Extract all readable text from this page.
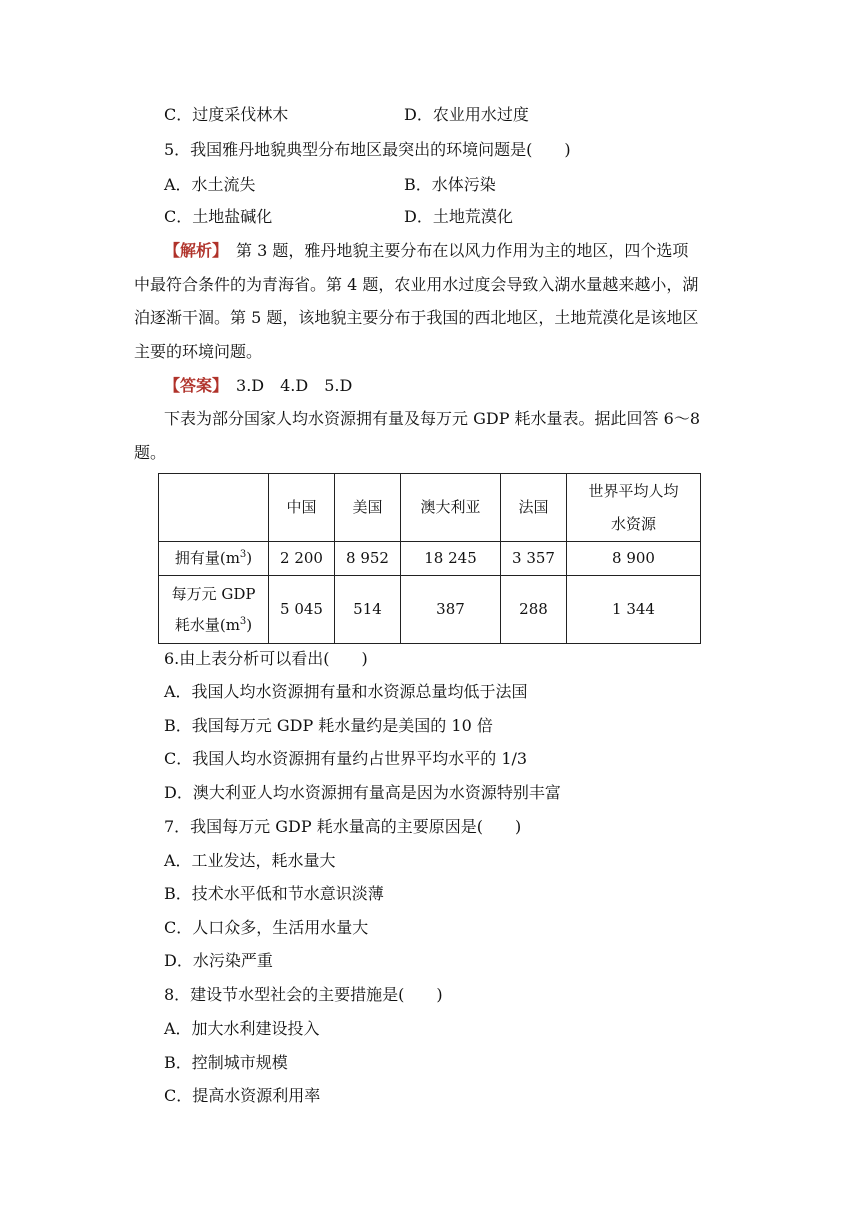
C．过度采伐林木	D．农业用水过度
5．我国雅丹地貌典型分布地区最突出的环境问题是(　　)
A．水土流失	B．水体污染
C．土地盐碱化	D．土地荒漠化
【解析】　第 3 题，雅丹地貌主要分布在以风力作用为主的地区，四个选项
中最符合条件的为青海省。第 4 题，农业用水过度会导致入湖水量越来越小，湖
泊逐渐干涸。第 5 题，该地貌主要分布于我国的西北地区，土地荒漠化是该地区
主要的环境问题。
【答案】　3.D　4.D　5.D
下表为部分国家人均水资源拥有量及每万元 GDP 耗水量表。据此回答 6～8
题。
	中国	美国	澳大利亚	法国	世界平均人均
水资源

拥有量$(m^3)$	2 200	8 952	18 245	3 357	8 900

每万元 GDP
耗水量$(m^3)$	5 045	514	387	288	1 344
6.由上表分析可以看出(　　)
A．我国人均水资源拥有量和水资源总量均低于法国
B．我国每万元 GDP 耗水量约是美国的 10 倍
C．我国人均水资源拥有量约占世界平均水平的 1/3
D．澳大利亚人均水资源拥有量高是因为水资源特别丰富
7．我国每万元 GDP 耗水量高的主要原因是(　　)
A．工业发达，耗水量大
B．技术水平低和节水意识淡薄
C．人口众多，生活用水量大
D．水污染严重
8．建设节水型社会的主要措施是(　　)
A．加大水利建设投入
B．控制城市规模
C．提高水资源利用率
